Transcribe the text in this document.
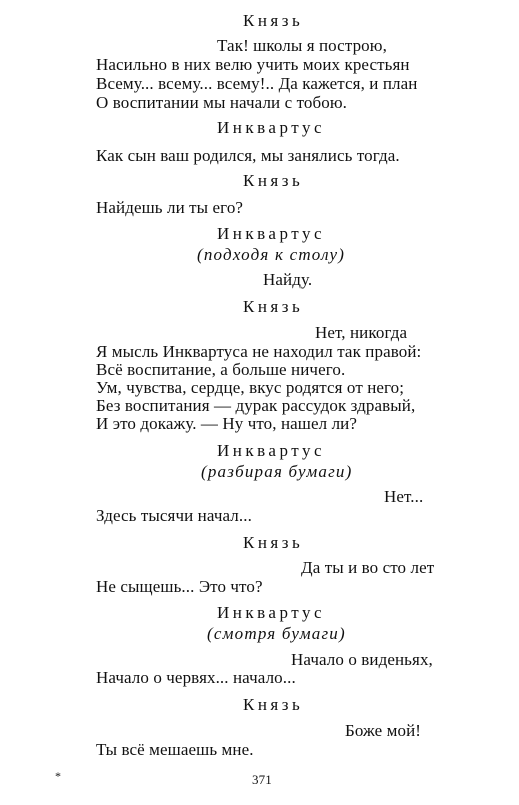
Князь
Так! школы я построю,
Насильно в них велю учить моих крестьян
Всему... всему... всему!.. Да кажется, и план
О воспитании мы начали с тобою.
Инквартус
Как сын ваш родился, мы занялись тогда.
Князь
Найдешь ли ты его?
Инквартус
(подходя к столу)
Найду.
Князь
Нет, никогда
Я мысль Инквартуса не находил так правой:
Всё воспитание, а больше ничего.
Ум, чувства, сердце, вкус родятся от него;
Без воспитания — дурак рассудок здравый,
И это докажу. — Ну что, нашел ли?
Инквартус
(разбирая бумаги)
Нет...
Здесь тысячи начал...
Князь
Да ты и во сто лет
Не сыщешь... Это что?
Инквартус
(смотря бумаги)
Начало о виденьях,
Начало о червях... начало...
Князь
Боже мой!
Ты всё мешаешь мне.
*	371
